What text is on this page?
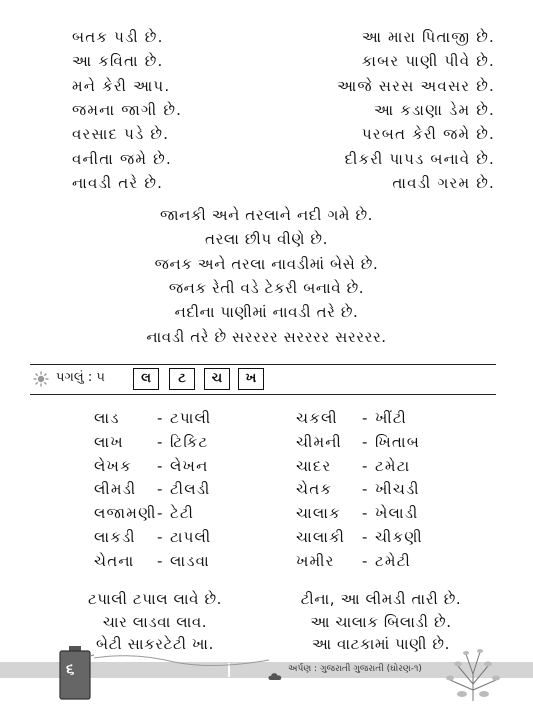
બતક પડી છે.	આ મારા પિતાજી છે.
આ કવિતા છે.	કાબર પાણી પીવે છે.
મને કેરી આપ.	આજે સરસ અવસર છે.
જમના જાગી છે.	આ કડાણા ડેમ છે.
વરસાદ પડે છે.	પરબત કેરી જમે છે.
વનીતા જમે છે.	દીકરી પાપડ બનાવે છે.
નાવડી તરે છે.	તાવડી ગરમ છે.
જાનકી અને તરલાને નદી ગમે છે.
તરલા છીપ વીણે છે.
જનક અને તરલા નાવડીમાં બેસે છે.
જનક રેતી વડે ટેકરી બનાવે છે.
નદીના પાણીમાં નાવડી તરે છે.
નાવડી તરે છે સરરરર સરરરર સરરરર.
પગલું : ૫	લ	ટ	ચ	ખ
લાડ - ટપાલી	ચકલી - ખીંટી
લાખ - ટિકિટ	ચીમની - ખિતાબ
લેખક - લેખન	ચાદર - ટમેટા
લીમડી - ટીલડી	ચેતક - ખીચડી
લજામણી - ટેટી	ચાલાક - ખેલાડી
લાકડી - ટાપલી	ચાલાકી - ચીકણી
ચેતના - લાડવા	ખમીર - ટમેટી
ટપાલી ટપાલ લાવે છે.	ટીના, આ લીમડી તારી છે.
ચાર લાડવા લાવ.	આ ચાલાક બિલાડી છે.
બેટી સાકરટેટી ખા.	આ વાટકામાં પાણી છે.
અર્પણ : ગુજરાતી ગુજરાતી (ઘોરણ-૧)
૬
